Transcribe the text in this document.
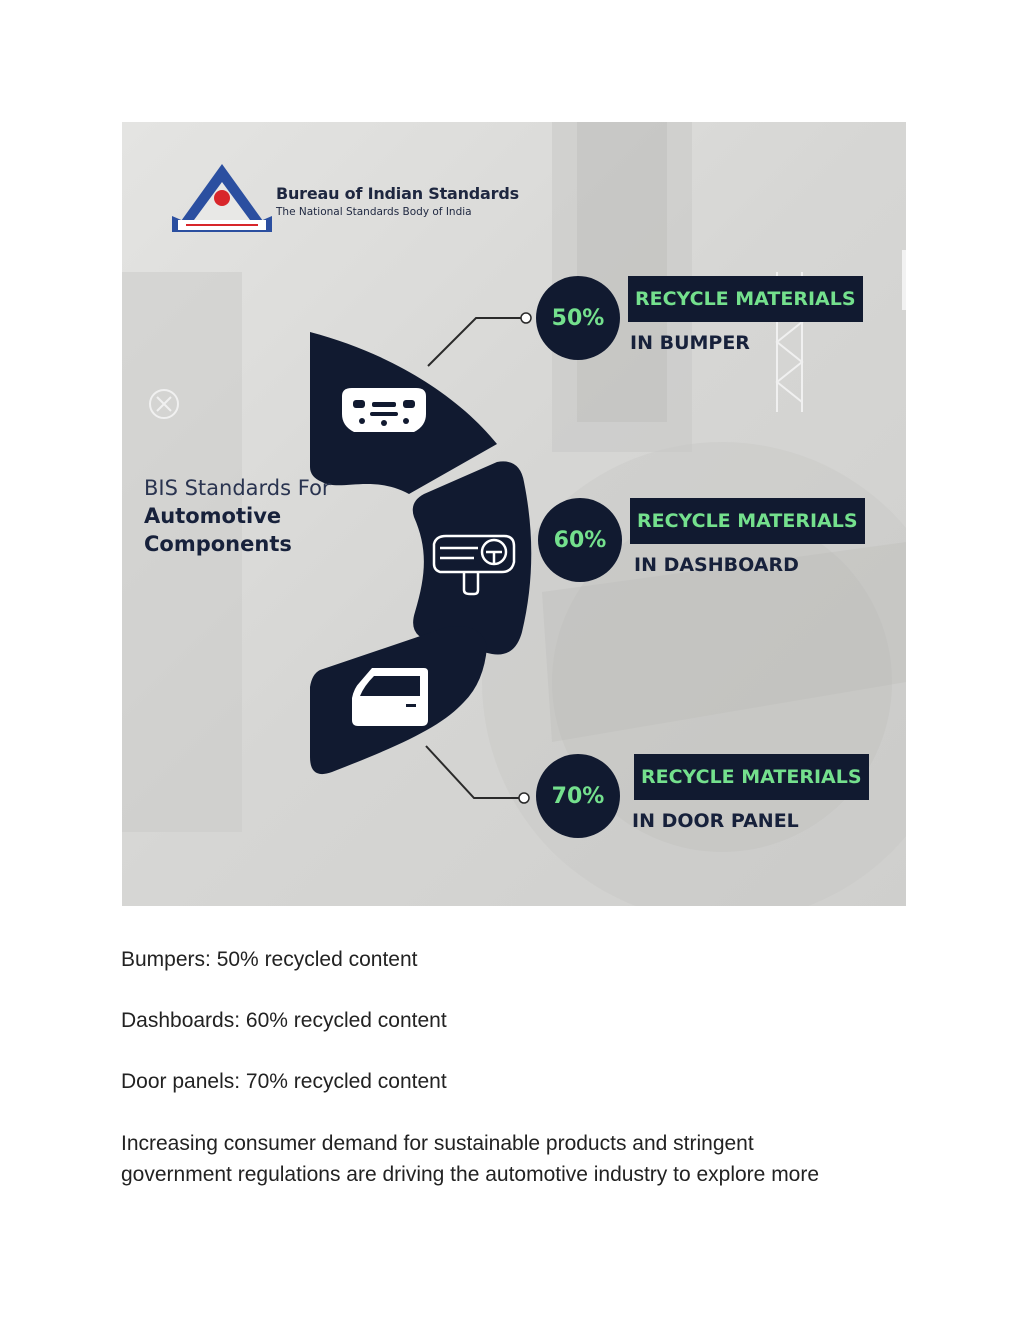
Bureau of Indian Standards
The National Standards Body of India
BIS Standards For
Automotive
Components
50%
RECYCLE MATERIALS
IN BUMPER
60%
RECYCLE MATERIALS
IN DASHBOARD
70%
RECYCLE MATERIALS
IN DOOR PANEL

Bumpers: 50% recycled content

Dashboards: 60% recycled content

Door panels: 70% recycled content

Increasing consumer demand for sustainable products and stringent
government regulations are driving the automotive industry to explore more
